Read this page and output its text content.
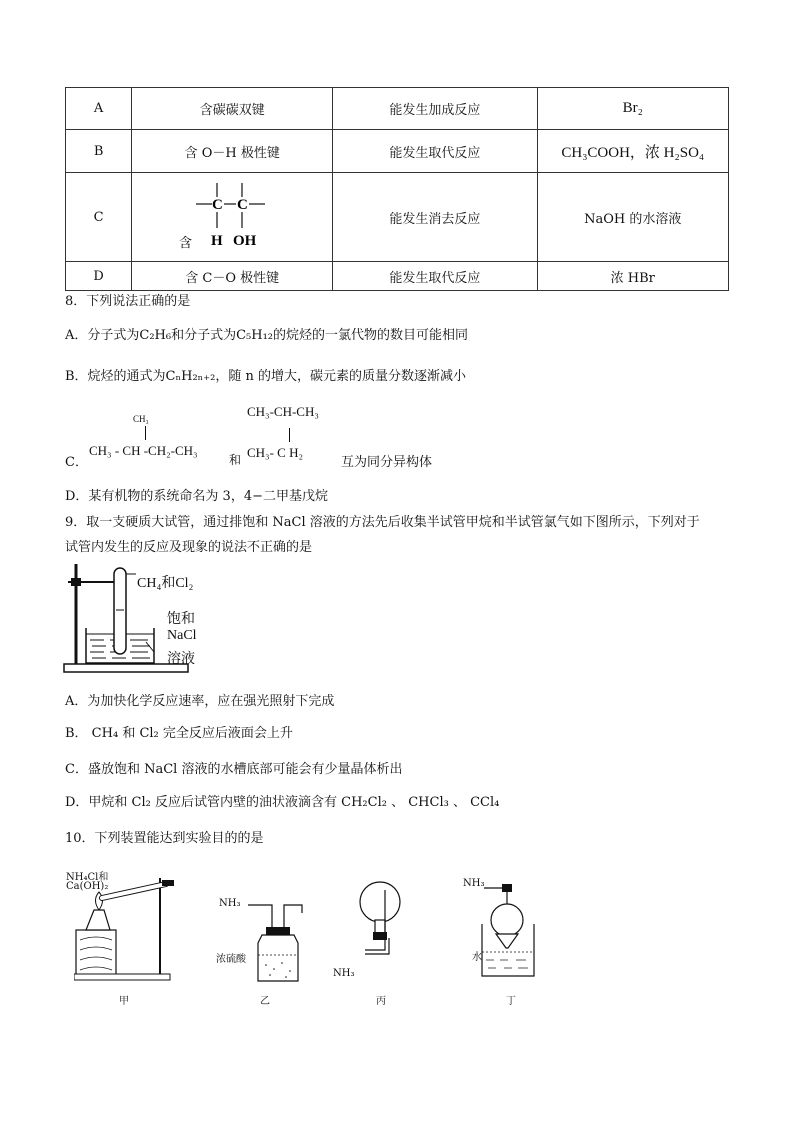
A	含碳碳双键	能发生加成反应	Br₂
B	含 O－H 极性键	能发生取代反应	CH₃COOH，浓 H₂SO₄
C	含
C C
H OH	能发生消去反应	NaOH 的水溶液
D	含 C－O 极性键	能发生取代反应	浓 HBr
8．下列说法正确的是
A．分子式为C₂H₆和分子式为C₅H₁₂的烷烃的一氯代物的数目可能相同
B．烷烃的通式为CₙH₂ₙ₊₂，随 n 的增大，碳元素的质量分数逐渐减小
C．
CH₃
CH₃ - CH -CH₂-CH₃
和
CH₃-CH-CH₃
CH₃- C H₂
互为同分异构体
D．某有机物的系统命名为 3，4−二甲基戊烷
9．取一支硬质大试管，通过排饱和 NaCl 溶液的方法先后收集半试管甲烷和半试管氯气如下图所示，下列对于
试管内发生的反应及现象的说法不正确的是
CH₄和Cl₂
饱和
NaCl
溶液
A．为加快化学反应速率，应在强光照射下完成
B． CH₄ 和 Cl₂ 完全反应后液面会上升
C．盛放饱和 NaCl 溶液的水槽底部可能会有少量晶体析出
D．甲烷和 Cl₂ 反应后试管内壁的油状液滴含有 CH₂Cl₂ 、 CHCl₃ 、 CCl₄
10．下列装置能达到实验目的的是
NH₄Cl和
Ca(OH)₂
甲
NH₃
浓硫酸
乙
NH₃
丙
NH₃
水
丁
